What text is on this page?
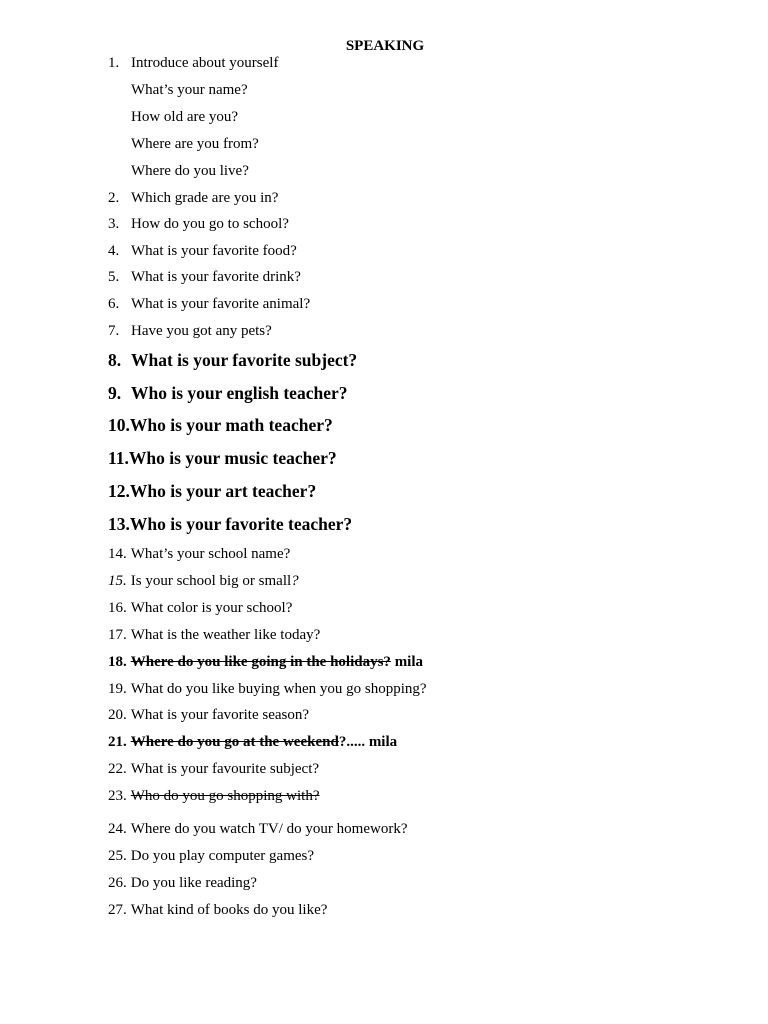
SPEAKING
1. Introduce about yourself
What’s your name?
How old are you?
Where are you from?
Where do you live?
2. Which grade are you in?
3. How do you go to school?
4. What is your favorite food?
5. What is your favorite drink?
6. What is your favorite animal?
7. Have you got any pets?
8. What is your favorite subject?
9. Who is your english teacher?
10.Who is your math teacher?
11.Who is your music teacher?
12.Who is your art teacher?
13.Who is your favorite teacher?
14. What’s your school name?
15. Is your school big or small?
16. What color is your school?
17. What is the weather like today?
18. Where do you like going in the holidays? mila
19. What do you like buying when you go shopping?
20. What is your favorite season?
21. Where do you go at the weekend?..... mila
22. What is your favourite subject?
23. Who do you go shopping with?
24. Where do you watch TV/ do your homework?
25. Do you play computer games?
26. Do you like reading?
27. What kind of books do you like?
